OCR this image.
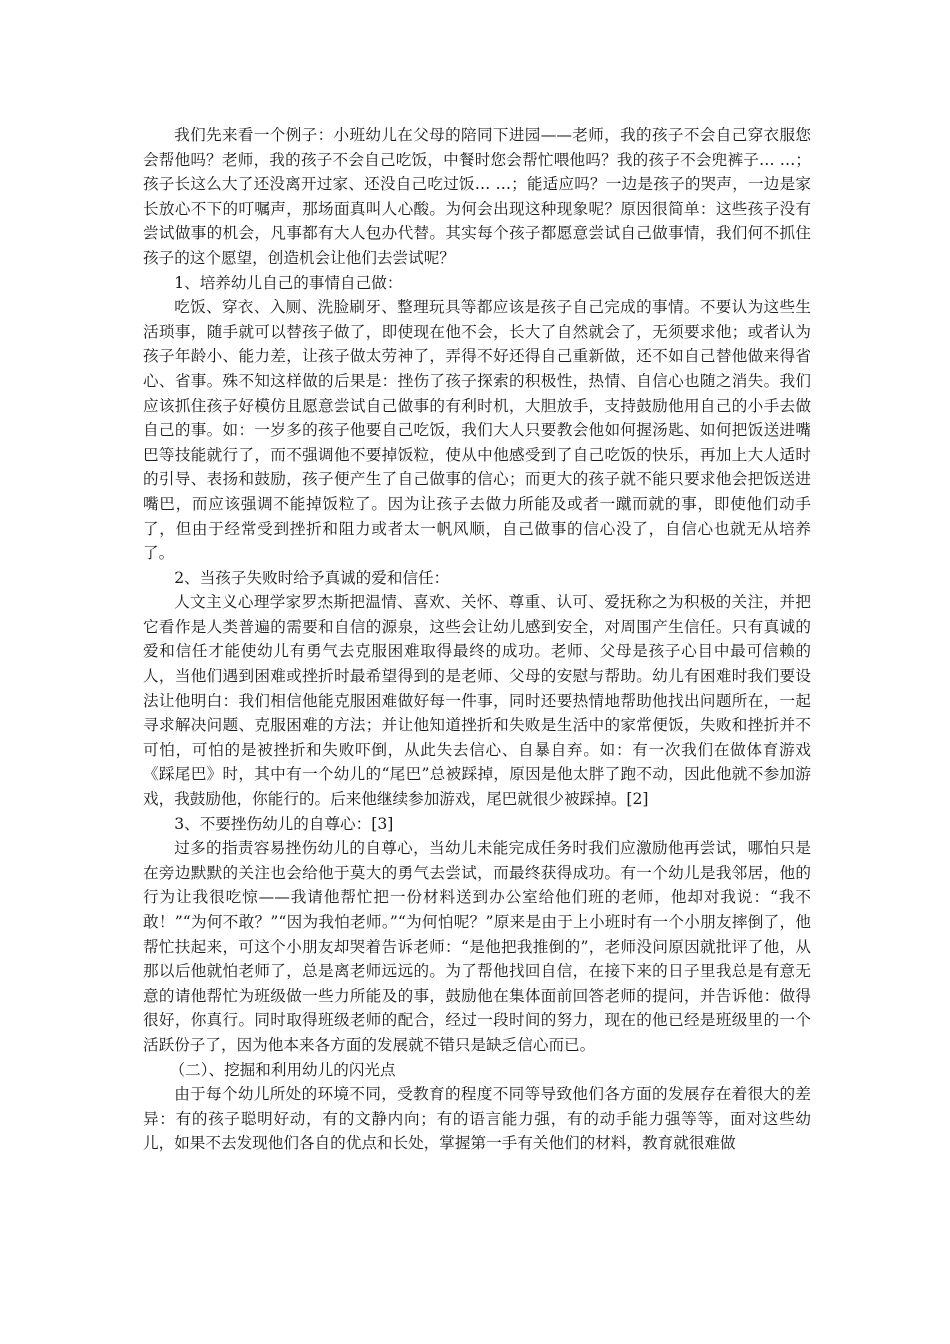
我们先来看一个例子：小班幼儿在父母的陪同下进园——老师，我的孩子不会自己穿衣服您会帮他吗？老师，我的孩子不会自己吃饭，中餐时您会帮忙喂他吗？我的孩子不会兜裤子… …；孩子长这么大了还没离开过家、还没自己吃过饭… …；能适应吗？一边是孩子的哭声，一边是家长放心不下的叮嘱声，那场面真叫人心酸。为何会出现这种现象呢？原因很简单：这些孩子没有尝试做事的机会，凡事都有大人包办代替。其实每个孩子都愿意尝试自己做事情，我们何不抓住孩子的这个愿望，创造机会让他们去尝试呢？

1、培养幼儿自己的事情自己做：

吃饭、穿衣、入厕、洗脸刷牙、整理玩具等都应该是孩子自己完成的事情。不要认为这些生活琐事，随手就可以替孩子做了，即使现在他不会，长大了自然就会了，无须要求他；或者认为孩子年龄小、能力差，让孩子做太劳神了，弄得不好还得自己重新做，还不如自己替他做来得省心、省事。殊不知这样做的后果是：挫伤了孩子探索的积极性，热情、自信心也随之消失。我们应该抓住孩子好模仿且愿意尝试自己做事的有利时机，大胆放手，支持鼓励他用自己的小手去做自己的事。如：一岁多的孩子他要自己吃饭，我们大人只要教会他如何握汤匙、如何把饭送进嘴巴等技能就行了，而不强调他不要掉饭粒，使从中他感受到了自己吃饭的快乐，再加上大人适时的引导、表扬和鼓励，孩子便产生了自己做事的信心；而更大的孩子就不能只要求他会把饭送进嘴巴，而应该强调不能掉饭粒了。因为让孩子去做力所能及或者一蹴而就的事，即使他们动手了，但由于经常受到挫折和阻力或者太一帆风顺，自己做事的信心没了，自信心也就无从培养了。

2、当孩子失败时给予真诚的爱和信任：

人文主义心理学家罗杰斯把温情、喜欢、关怀、尊重、认可、爱抚称之为积极的关注，并把它看作是人类普遍的需要和自信的源泉，这些会让幼儿感到安全，对周围产生信任。只有真诚的爱和信任才能使幼儿有勇气去克服困难取得最终的成功。老师、父母是孩子心目中最可信赖的人，当他们遇到困难或挫折时最希望得到的是老师、父母的安慰与帮助。幼儿有困难时我们要设法让他明白：我们相信他能克服困难做好每一件事，同时还要热情地帮助他找出问题所在，一起寻求解决问题、克服困难的方法；并让他知道挫折和失败是生活中的家常便饭，失败和挫折并不可怕，可怕的是被挫折和失败吓倒，从此失去信心、自暴自弃。如：有一次我们在做体育游戏《踩尾巴》时，其中有一个幼儿的“尾巴”总被踩掉，原因是他太胖了跑不动，因此他就不参加游戏，我鼓励他，你能行的。后来他继续参加游戏，尾巴就很少被踩掉。[2]

3、不要挫伤幼儿的自尊心：[3]

过多的指责容易挫伤幼儿的自尊心，当幼儿未能完成任务时我们应激励他再尝试，哪怕只是在旁边默默的关注也会给他于莫大的勇气去尝试，而最终获得成功。有一个幼儿是我邻居，他的行为让我很吃惊——我请他帮忙把一份材料送到办公室给他们班的老师，他却对我说：“我不敢！”“为何不敢？”“因为我怕老师。”“为何怕呢？”原来是由于上小班时有一个小朋友摔倒了，他帮忙扶起来，可这个小朋友却哭着告诉老师：“是他把我推倒的”，老师没问原因就批评了他，从那以后他就怕老师了，总是离老师远远的。为了帮他找回自信，在接下来的日子里我总是有意无意的请他帮忙为班级做一些力所能及的事，鼓励他在集体面前回答老师的提问，并告诉他：做得很好，你真行。同时取得班级老师的配合，经过一段时间的努力，现在的他已经是班级里的一个活跃份子了，因为他本来各方面的发展就不错只是缺乏信心而已。

（二）、挖掘和利用幼儿的闪光点

由于每个幼儿所处的环境不同，受教育的程度不同等导致他们各方面的发展存在着很大的差异：有的孩子聪明好动，有的文静内向；有的语言能力强，有的动手能力强等等，面对这些幼儿，如果不去发现他们各自的优点和长处，掌握第一手有关他们的材料，教育就很难做
